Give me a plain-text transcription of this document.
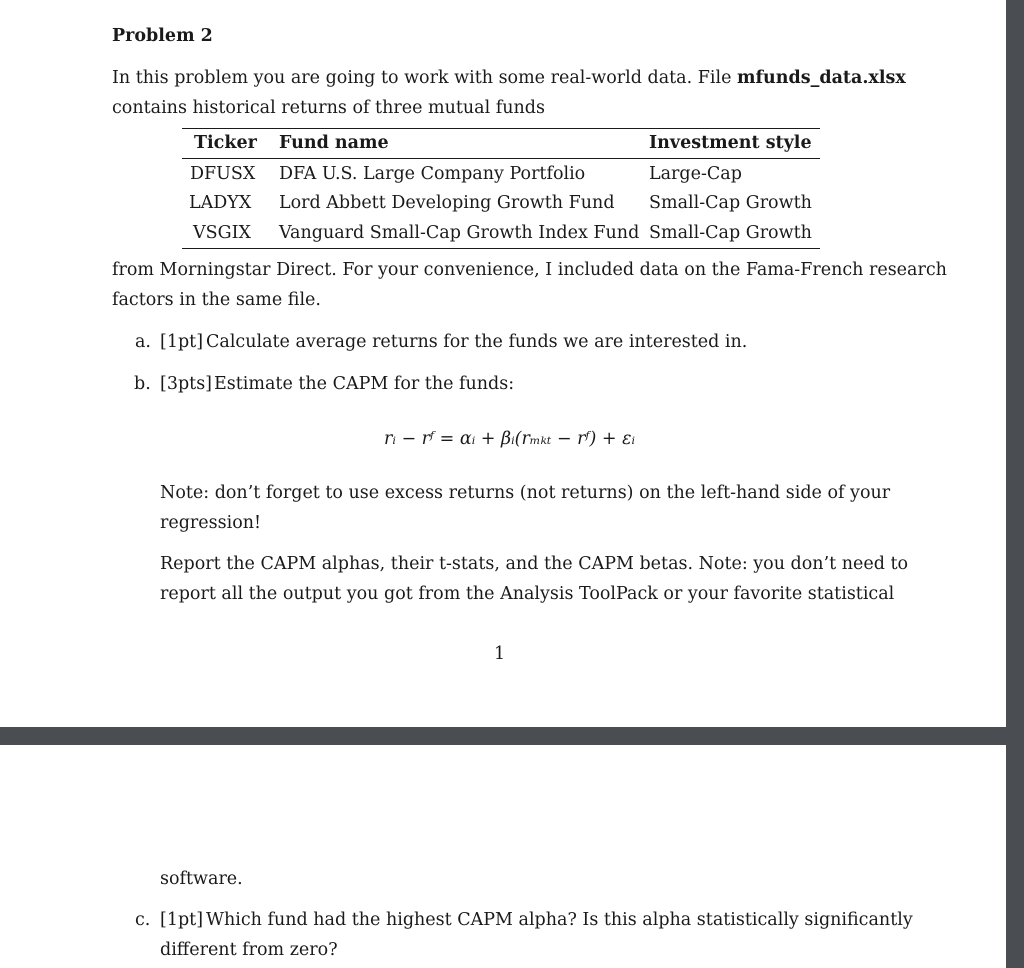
Problem 2
In this problem you are going to work with some real-world data. File mfunds_data.xlsx
contains historical returns of three mutual funds
Ticker Fund name	Investment style
DFUSX DFA U.S. Large Company Portfolio	Large-Cap
LADYX Lord Abbett Developing Growth Fund Small-Cap Growth
VSGIX Vanguard Small-Cap Growth Index Fund Small-Cap Growth
from Morningstar Direct. For your convenience, I included data on the Fama-French research
factors in the same file.
a. [1pt] Calculate average returns for the funds we are interested in.
b. [3pts] Estimate the CAPM for the funds:
rᵢ − rᶠ = αᵢ + βᵢ(rₘₖₜ − rᶠ) + εᵢ
Note: don’t forget to use excess returns (not returns) on the left-hand side of your
regression!
Report the CAPM alphas, their t-stats, and the CAPM betas. Note: you don’t need to
report all the output you got from the Analysis ToolPack or your favorite statistical
1
software.
c. [1pt] Which fund had the highest CAPM alpha? Is this alpha statistically significantly
different from zero?
